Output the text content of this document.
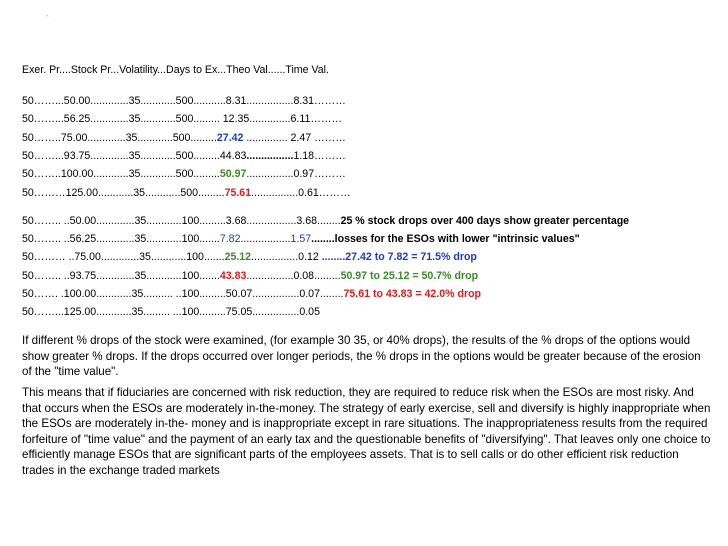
`
Exer. Pr....Stock Pr...Volatility...Days to Ex...Theo Val......Time Val.
50……...50.00.............35............500...........8.31................8.31………
50……...56.25.............35............500......... 12.35..............6.11………
50……..75.00.............35............500.........27.42 .............. 2.47 ………
50……...93.75.............35............500.........44.83................1.18………
50……..100.00............35............500.........50.97................0.97………
50………125.00............35............500.........75.61................0.61………
50…….. ..50.00.............35............100.........3.68.................3.68........25 % stock drops over 400 days show greater percentage
50…….. ..56.25.............35............100.......7.82.................1.57........losses for the ESOs with lower "intrinsic values"
50……… ..75.00.............35............100.......25.12................0.12 ........27.42 to 7.82 = 71.5% drop
50…….. ..93.75.............35............100.......43.83................0.08.........50.97 to 25.12 = 50.7% drop
50……. .100.00............35.......... ..100.........50.07................0.07........75.61 to 43.83 = 42.0% drop
50……...125.00............35......... ...100.........75.05................0.05
If different % drops of the stock were examined, (for example 30 35, or 40% drops), the results of the % drops of the options would show greater % drops. If the drops occurred over longer periods, the % drops in the options would be greater because of the erosion of the "time value".
This means that if fiduciaries are concerned with risk reduction, they are required to reduce risk when the ESOs are most risky. And that occurs when the ESOs are moderately in-the-money. The strategy of early exercise, sell and diversify is highly inappropriate when the ESOs are moderately in-the- money and is inappropriate except in rare situations. The inappropriateness results from the required forfeiture of "time value" and the payment of an early tax and the questionable benefits of "diversifying". That leaves only one choice to efficiently manage ESOs that are significant parts of the employees assets. That is to sell calls or do other efficient risk reduction trades in the exchange traded markets
